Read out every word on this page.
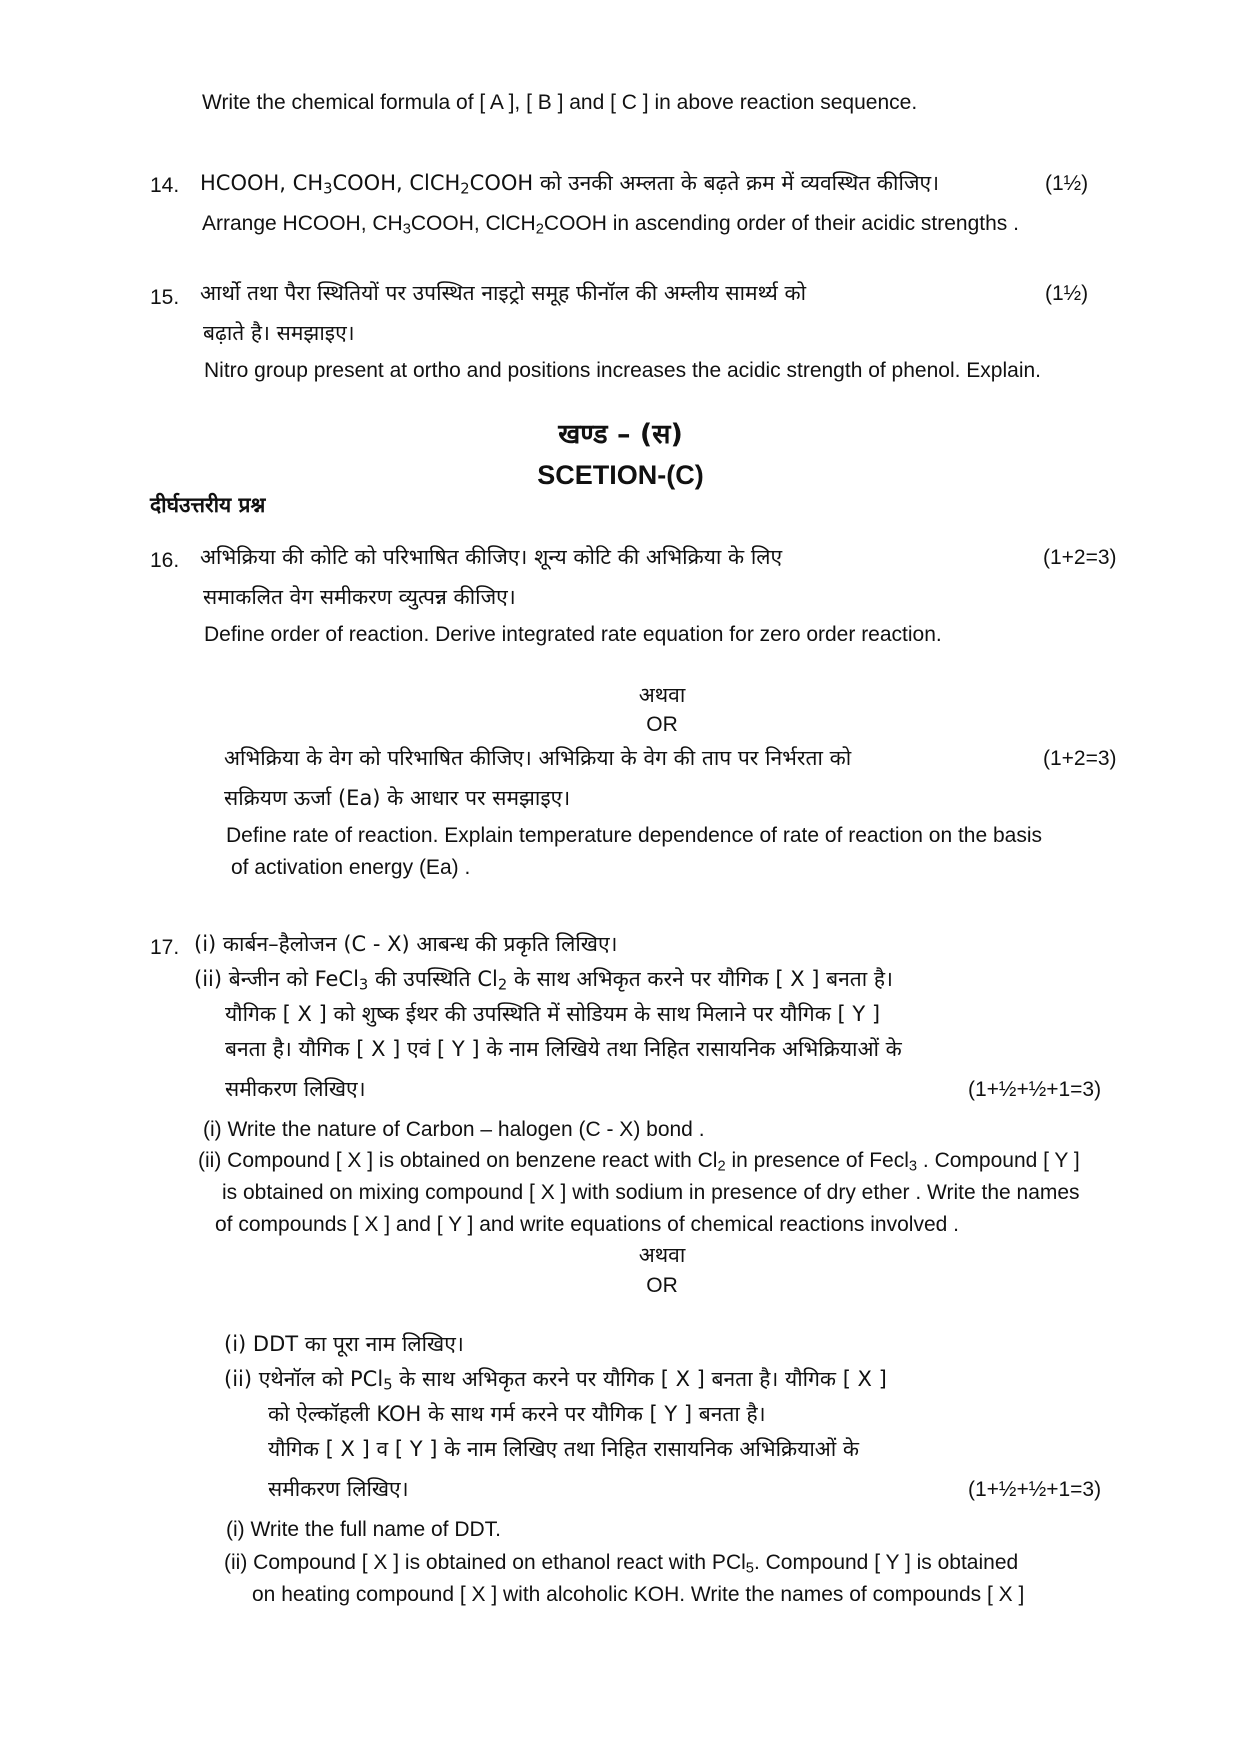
Write the chemical formula of [ A ], [ B ] and [ C ] in above reaction sequence.
14. HCOOH, $CH_3COOH$, ClCH$_2$COOH को उनकी अम्लता के बढ़ते क्रम में व्यवस्थित कीजिए।	(1½)
Arrange HCOOH, $CH_3COOH$, ClCH$_2$COOH in ascending order of their acidic strengths .
15. आर्थो तथा पैरा स्थितियों पर उपस्थित नाइट्रो समूह फीनॉल की अम्लीय सामर्थ्य को	(1½)
बढ़ाते है। समझाइए।
Nitro group present at ortho and positions increases the acidic strength of phenol. Explain.
खण्ड – (स)
SCETION-(C)
दीर्घउत्तरीय प्रश्न
16. अभिक्रिया की कोटि को परिभाषित कीजिए। शून्य कोटि की अभिक्रिया के लिए	(1+2=3)
समाकलित वेग समीकरण व्युत्पन्न कीजिए।
Define order of reaction. Derive integrated rate equation for zero order reaction.
अथवा
OR
अभिक्रिया के वेग को परिभाषित कीजिए। अभिक्रिया के वेग की ताप पर निर्भरता को	(1+2=3)
सक्रियण ऊर्जा (Ea) के आधार पर समझाइए।
Define rate of reaction. Explain temperature dependence of rate of reaction on the basis
of activation energy (Ea) .
17. (i) कार्बन–हैलोजन (C - X) आबन्ध की प्रकृति लिखिए।
(ii) बेन्जीन को FeCl$_3$ की उपस्थिति $Cl_2$ के साथ अभिकृत करने पर यौगिक [ X ] बनता है।
यौगिक [ X ] को शुष्क ईथर की उपस्थिति में सोडियम के साथ मिलाने पर यौगिक [ Y ]
बनता है। यौगिक [ X ] एवं [ Y ] के नाम लिखिये तथा निहित रासायनिक अभिक्रियाओं के
समीकरण लिखिए।	(1+½+½+1=3)
(i) Write the nature of Carbon – halogen (C - X) bond .
(ii) Compound [ X ] is obtained on benzene react with $Cl_2$ in presence of Fecl$_3$ . Compound [ Y ]
is obtained on mixing compound [ X ] with sodium in presence of dry ether . Write the names
of compounds [ X ] and [ Y ] and write equations of chemical reactions involved .
अथवा
OR
(i) DDT का पूरा नाम लिखिए।
(ii) एथेनॉल को PCl$_5$ के साथ अभिकृत करने पर यौगिक [ X ] बनता है। यौगिक [ X ]
को ऐल्कॉहली KOH के साथ गर्म करने पर यौगिक [ Y ] बनता है।
यौगिक [ X ] व [ Y ] के नाम लिखिए तथा निहित रासायनिक अभिक्रियाओं के
समीकरण लिखिए।	(1+½+½+1=3)
(i) Write the full name of DDT.
(ii) Compound [ X ] is obtained on ethanol react with PCl$_5$. Compound [ Y ] is obtained
on heating compound [ X ] with alcoholic KOH. Write the names of compounds [ X ]
